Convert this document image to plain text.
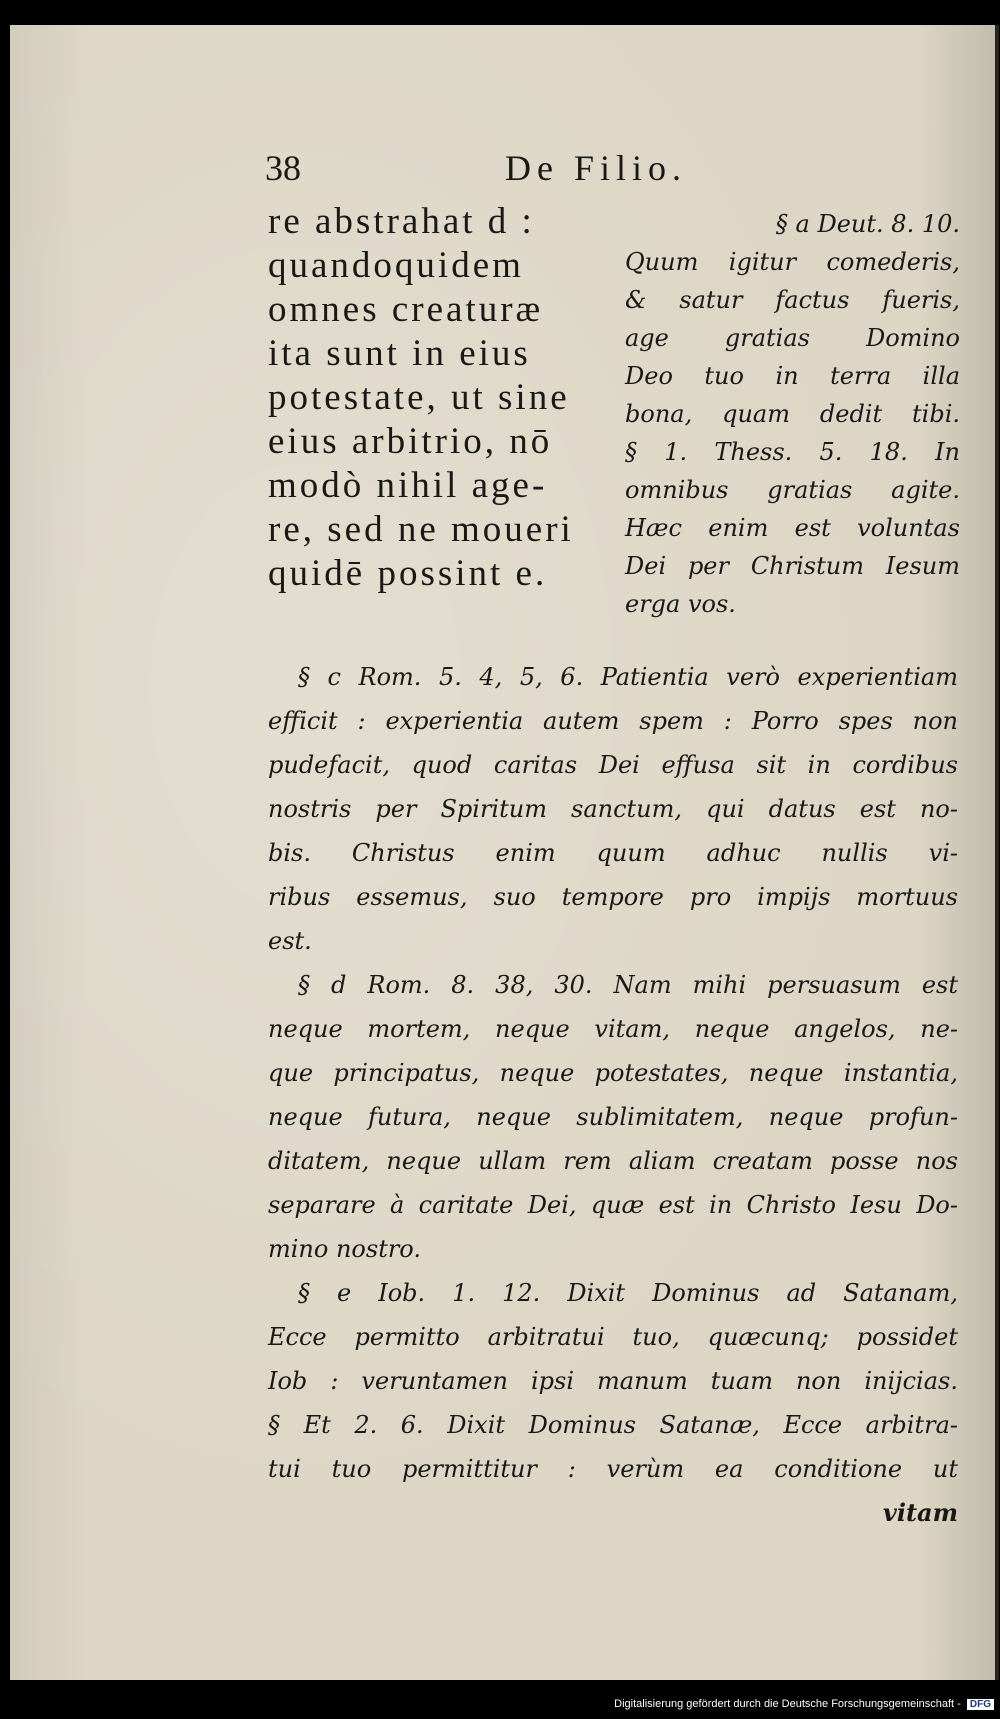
38	De Filio.
re abstrahat d :
quandoquidem
omnes creaturæ
ita sunt in eius
potestate, ut sine
eius arbitrio, nō
modò nihil age-
re, sed ne moueri
quidē possint e.
§ a Deut. 8. 10.
Quum igitur comederis,
& satur factus fueris,
age gratias Domino
Deo tuo in terra illa
bona, quam dedit tibi.
§ 1. Thess. 5. 18. In
omnibus gratias agite.
Hæc enim est voluntas
Dei per Christum Iesum
erga vos.
§ c Rom. 5. 4, 5, 6. Patientia verò experientiam
efficit : experientia autem spem : Porro spes non
pudefacit, quod caritas Dei effusa sit in cordibus
nostris per Spiritum sanctum, qui datus est no-
bis. Christus enim quum adhuc nullis vi-
ribus essemus, suo tempore pro impijs mortuus
est.
§ d Rom. 8. 38, 30. Nam mihi persuasum est
neque mortem, neque vitam, neque angelos, ne-
que principatus, neque potestates, neque instantia,
neque futura, neque sublimitatem, neque profun-
ditatem, neque ullam rem aliam creatam posse nos
separare à caritate Dei, quæ est in Christo Iesu Do-
mino nostro.
§ e Iob. 1. 12. Dixit Dominus ad Satanam,
Ecce permitto arbitratui tuo, quæcunq; possidet
Iob : veruntamen ipsi manum tuam non inijcias.
§ Et 2. 6. Dixit Dominus Satanæ, Ecce arbitra-
tui tuo permittitur : verùm ea conditione ut
vitam
Digitalisierung gefördert durch die Deutsche Forschungsgemeinschaft - DFG
